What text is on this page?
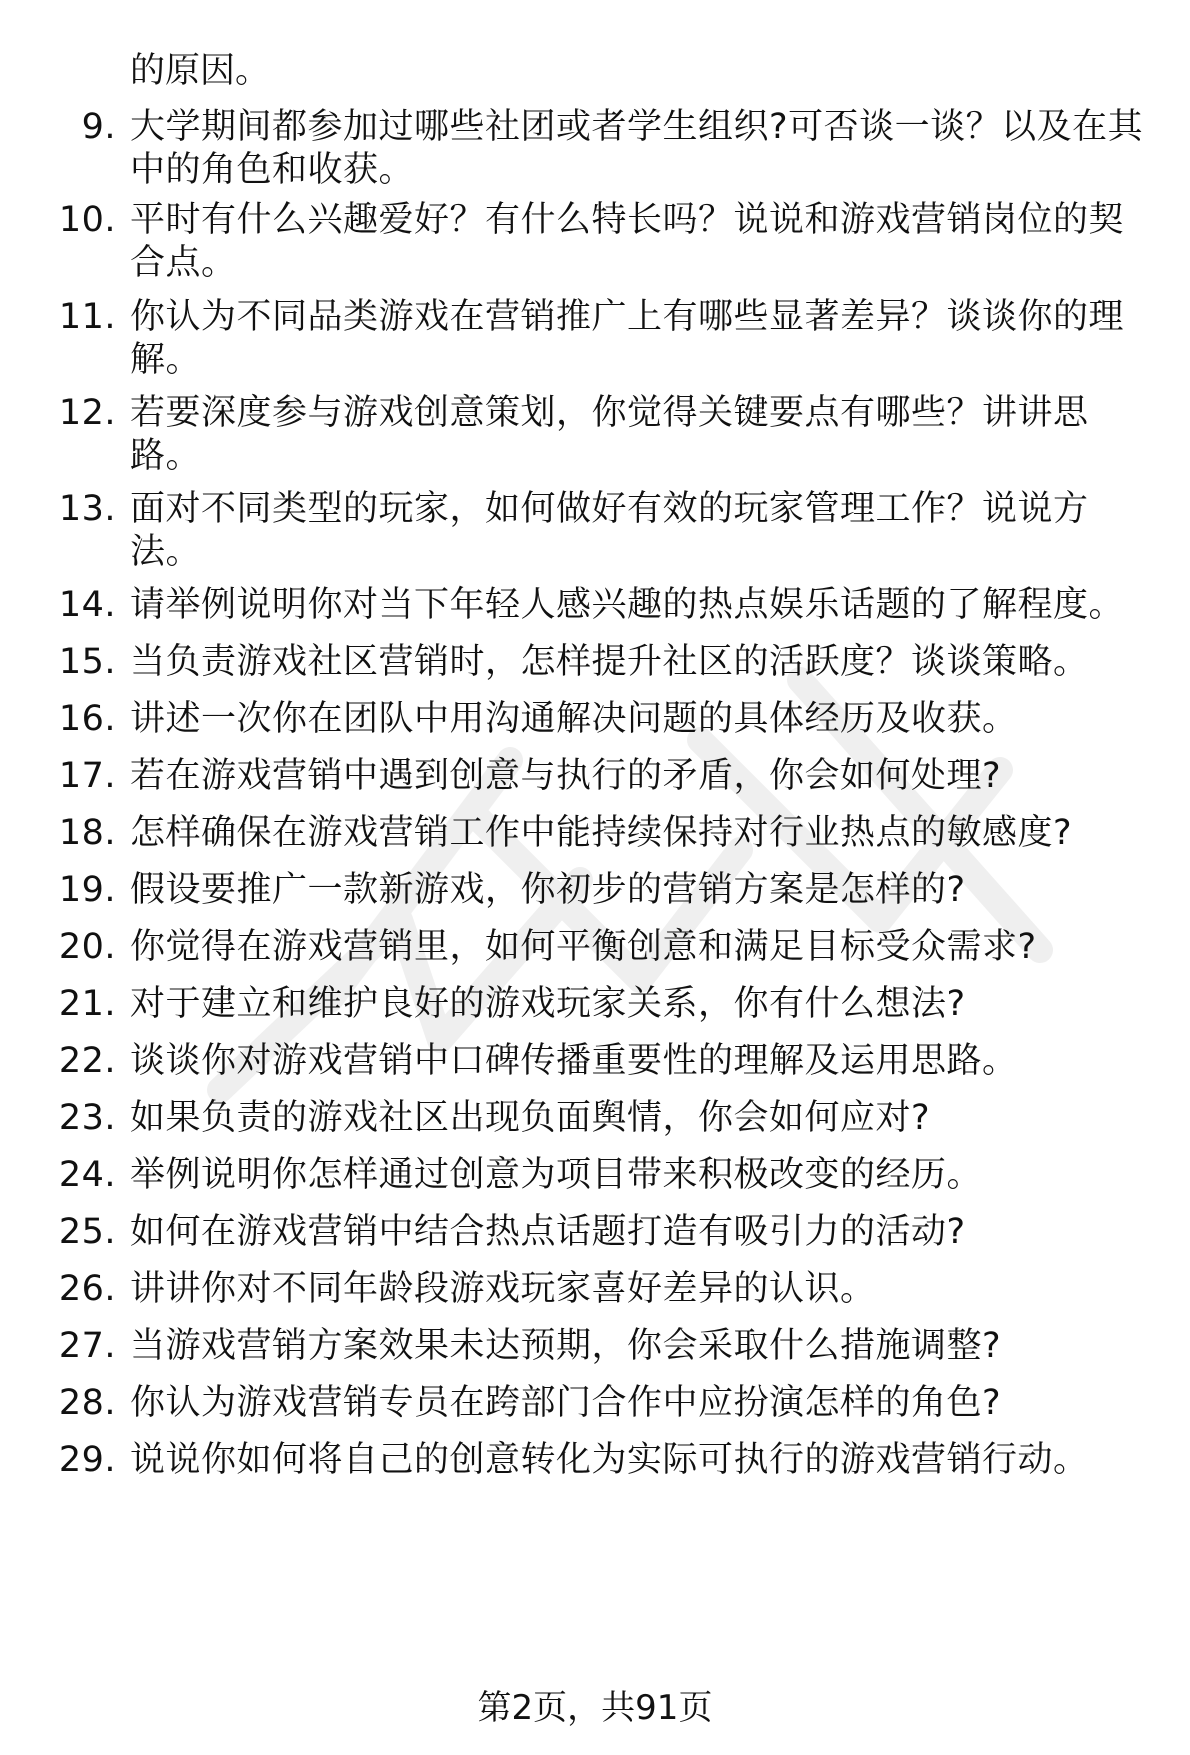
的原因。
9. 大学期间都参加过哪些社团或者学生组织?可否谈一谈？以及在其
中的角色和收获。
10. 平时有什么兴趣爱好？有什么特长吗？说说和游戏营销岗位的契
合点。
11. 你认为不同品类游戏在营销推广上有哪些显著差异？谈谈你的理
解。
12. 若要深度参与游戏创意策划，你觉得关键要点有哪些？讲讲思
路。
13. 面对不同类型的玩家，如何做好有效的玩家管理工作？说说方
法。
14. 请举例说明你对当下年轻人感兴趣的热点娱乐话题的了解程度。
15. 当负责游戏社区营销时，怎样提升社区的活跃度？谈谈策略。
16. 讲述一次你在团队中用沟通解决问题的具体经历及收获。
17. 若在游戏营销中遇到创意与执行的矛盾，你会如何处理?
18. 怎样确保在游戏营销工作中能持续保持对行业热点的敏感度?
19. 假设要推广一款新游戏，你初步的营销方案是怎样的?
20. 你觉得在游戏营销里，如何平衡创意和满足目标受众需求?
21. 对于建立和维护良好的游戏玩家关系，你有什么想法?
22. 谈谈你对游戏营销中口碑传播重要性的理解及运用思路。
23. 如果负责的游戏社区出现负面舆情，你会如何应对?
24. 举例说明你怎样通过创意为项目带来积极改变的经历。
25. 如何在游戏营销中结合热点话题打造有吸引力的活动?
26. 讲讲你对不同年龄段游戏玩家喜好差异的认识。
27. 当游戏营销方案效果未达预期，你会采取什么措施调整?
28. 你认为游戏营销专员在跨部门合作中应扮演怎样的角色?
29. 说说你如何将自己的创意转化为实际可执行的游戏营销行动。
第2页，共91页
